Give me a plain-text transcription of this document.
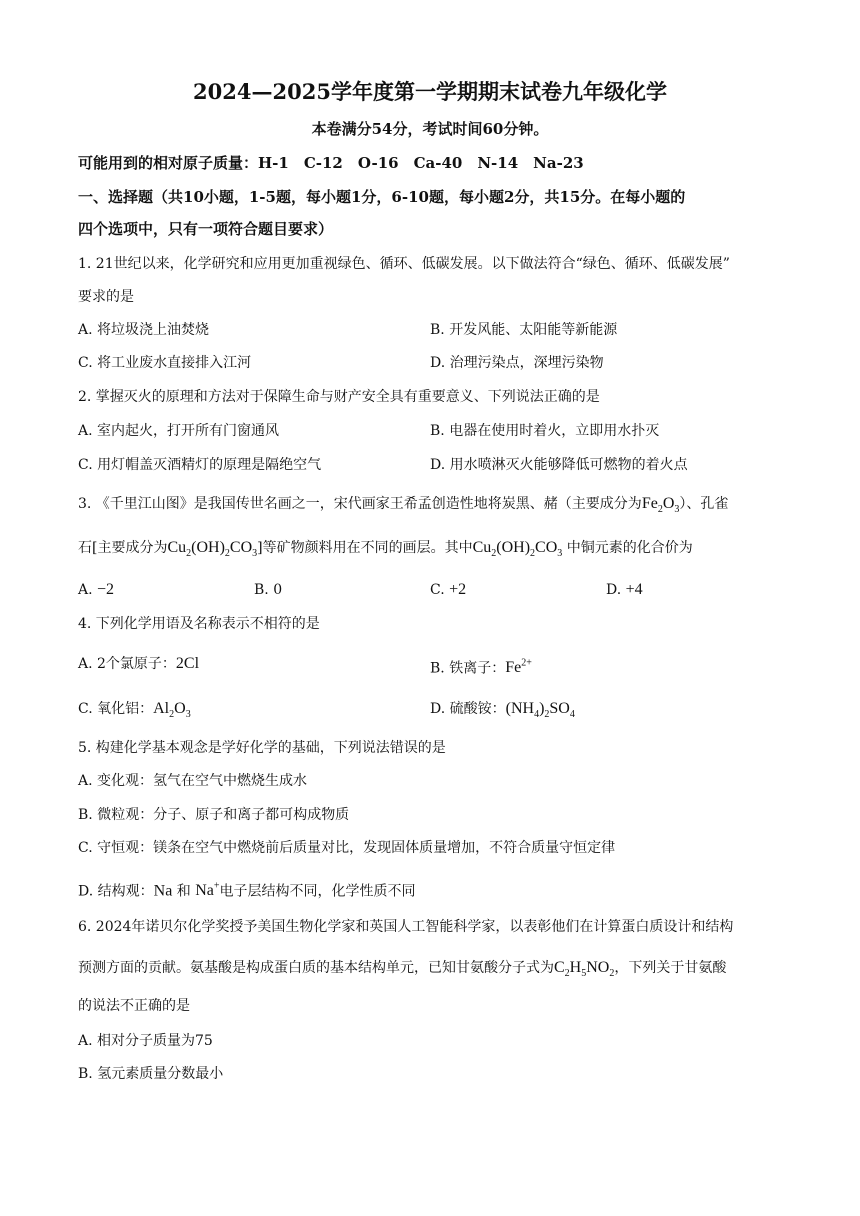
2024—2025学年度第一学期期末试卷九年级化学
本卷满分54分，考试时间60分钟。
可能用到的相对原子质量：H-1　C-12　O-16　Ca-40　N-14　Na-23
一、选择题（共10小题，1-5题，每小题1分，6-10题，每小题2分，共15分。在每小题的
四个选项中，只有一项符合题目要求）
1. 21世纪以来，化学研究和应用更加重视绿色、循环、低碳发展。以下做法符合“绿色、循环、低碳发展”
要求的是
A. 将垃圾浇上油焚烧	B. 开发风能、太阳能等新能源
C. 将工业废水直接排入江河	D. 治理污染点，深埋污染物
2. 掌握灭火的原理和方法对于保障生命与财产安全具有重要意义、下列说法正确的是
A. 室内起火，打开所有门窗通风	B. 电器在使用时着火，立即用水扑灭
C. 用灯帽盖灭酒精灯的原理是隔绝空气	D. 用水喷淋灭火能够降低可燃物的着火点
3. 《千里江山图》是我国传世名画之一，宋代画家王希孟创造性地将炭黑、赭（主要成分为$Fe_2O_3$）、孔雀
石[主要成分为$Cu_2(OH)_2CO_3$]等矿物颜料用在不同的画层。其中$Cu_2(OH)_2CO_3$ 中铜元素的化合价为
A. −2	B. 0	C. +2	D. +4
4. 下列化学用语及名称表示不相符的是
A. 2个氯原子：2Cl	B. 铁离子：$Fe^{2+}$
C. 氧化铝：$Al_2O_3$	D. 硫酸铵：$(NH_4)_2SO_4$
5. 构建化学基本观念是学好化学的基础，下列说法错误的是
A. 变化观：氢气在空气中燃烧生成水
B. 微粒观：分子、原子和离子都可构成物质
C. 守恒观：镁条在空气中燃烧前后质量对比，发现固体质量增加，不符合质量守恒定律
D. 结构观：Na 和 Na+电子层结构不同，化学性质不同
6. 2024年诺贝尔化学奖授予美国生物化学家和英国人工智能科学家，以表彰他们在计算蛋白质设计和结构
预测方面的贡献。氨基酸是构成蛋白质的基本结构单元，已知甘氨酸分子式为$C_2H_5NO_2$，下列关于甘氨酸
的说法不正确的是
A. 相对分子质量为75
B. 氢元素质量分数最小
